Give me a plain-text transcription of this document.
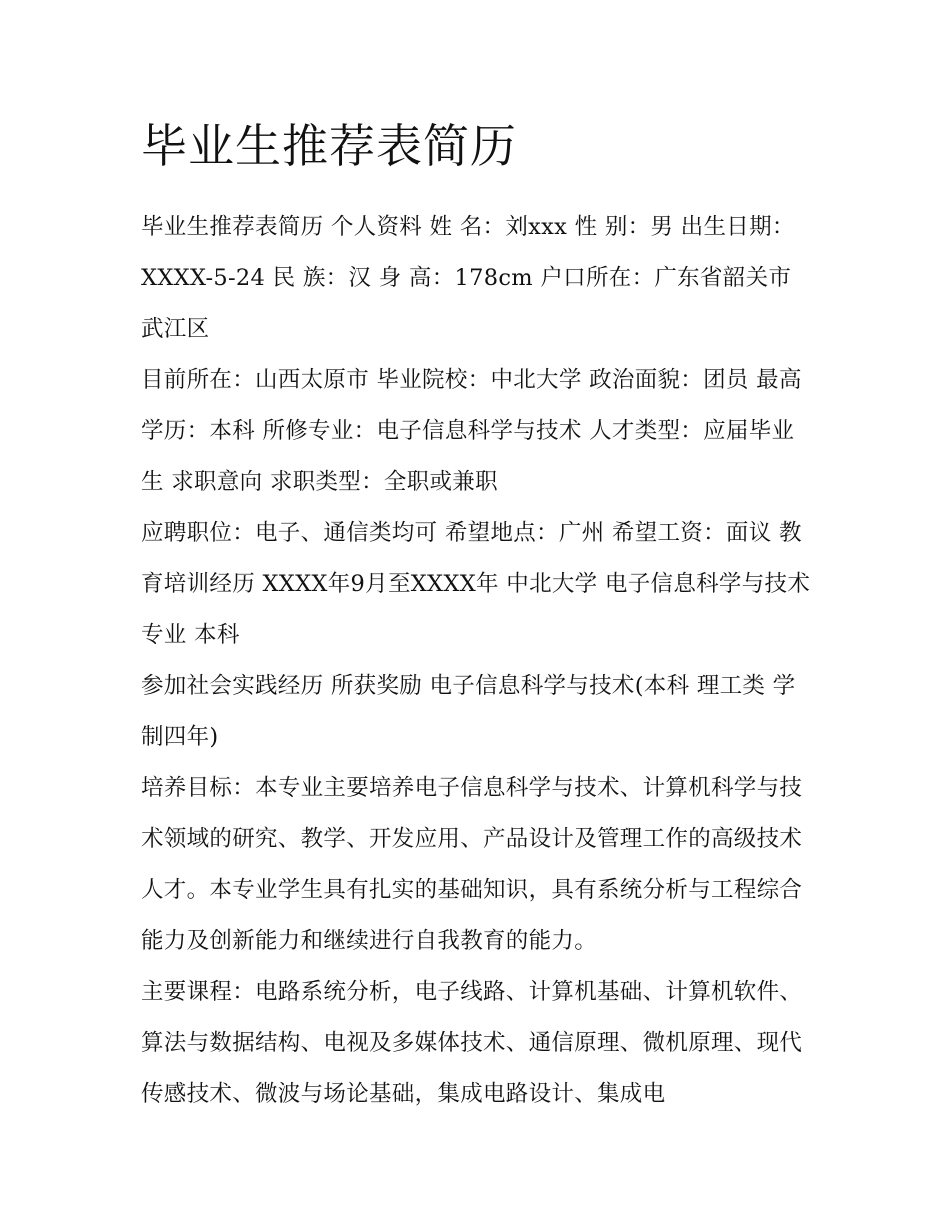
毕业生推荐表简历

毕业生推荐表简历 个人资料 姓 名：刘xxx 性 别：男 出生日期：XXXX-5-24 民 族：汉 身 高：178cm 户口所在：广东省韶关市武江区

目前所在：山西太原市 毕业院校：中北大学 政治面貌：团员 最高学历：本科 所修专业：电子信息科学与技术 人才类型：应届毕业生 求职意向 求职类型：全职或兼职

应聘职位：电子、通信类均可 希望地点：广州 希望工资：面议 教育培训经历 XXXX年9月至XXXX年 中北大学 电子信息科学与技术专业 本科

参加社会实践经历 所获奖励 电子信息科学与技术(本科 理工类 学制四年)

培养目标：本专业主要培养电子信息科学与技术、计算机科学与技术领域的研究、教学、开发应用、产品设计及管理工作的高级技术人才。本专业学生具有扎实的基础知识，具有系统分析与工程综合能力及创新能力和继续进行自我教育的能力。

主要课程：电路系统分析，电子线路、计算机基础、计算机软件、算法与数据结构、电视及多媒体技术、通信原理、微机原理、现代传感技术、微波与场论基础，集成电路设计、集成电
